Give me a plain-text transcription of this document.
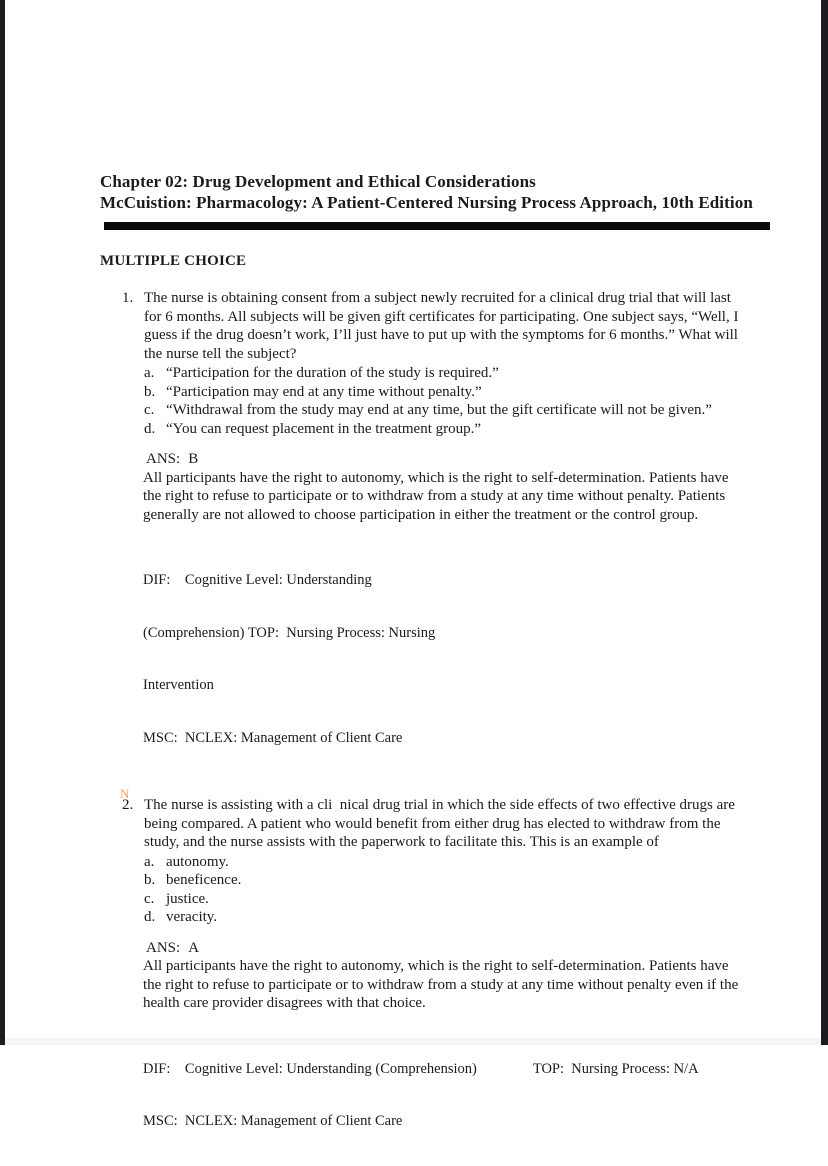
Chapter 02: Drug Development and Ethical Considerations
McCuistion: Pharmacology: A Patient-Centered Nursing Process Approach, 10th Edition
MULTIPLE CHOICE
1. The nurse is obtaining consent from a subject newly recruited for a clinical drug trial that will last for 6 months. All subjects will be given gift certificates for participating. One subject says, “Well, I guess if the drug doesn’t work, I’ll just have to put up with the symptoms for 6 months.” What will the nurse tell the subject?
a. “Participation for the duration of the study is required.”
b. “Participation may end at any time without penalty.”
c. “Withdrawal from the study may end at any time, but the gift certificate will not be given.”
d. “You can request placement in the treatment group.”
ANS: B
All participants have the right to autonomy, which is the right to self-determination. Patients have the right to refuse to participate or to withdraw from a study at any time without penalty. Patients generally are not allowed to choose participation in either the treatment or the control group.

DIF:    Cognitive Level: Understanding

(Comprehension) TOP:  Nursing Process: Nursing

Intervention

MSC:  NCLEX: Management of Client Care

N
2. The nurse is assisting with a cli  nical drug trial in which the side effects of two effective drugs are being compared. A patient who would benefit from either drug has elected to withdraw from the study, and the nurse assists with the paperwork to facilitate this. This is an example of
a. autonomy.
b. beneficence.
c. justice.
d. veracity.
ANS: A
All participants have the right to autonomy, which is the right to self-determination. Patients have the right to refuse to participate or to withdraw from a study at any time without penalty even if the health care provider disagrees with that choice.

DIF:    Cognitive Level: Understanding (Comprehension)	TOP:  Nursing Process: N/A

MSC:  NCLEX: Management of Client Care
